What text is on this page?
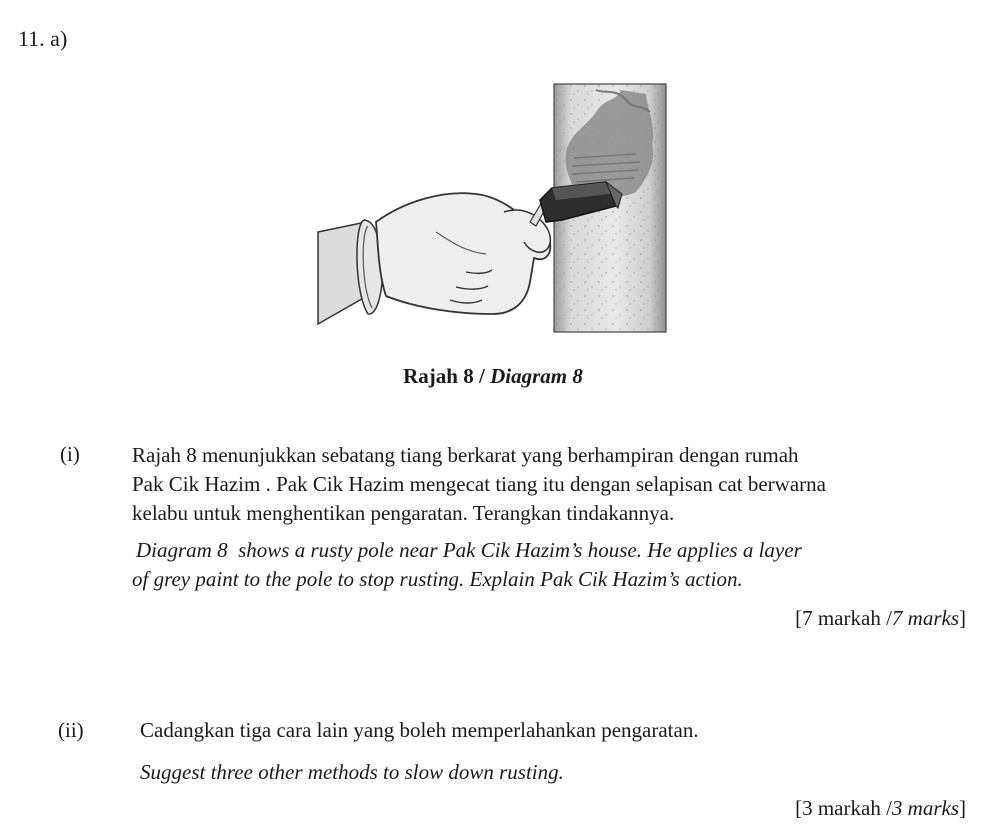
11. a)
Rajah 8 / Diagram 8
(i) Rajah 8 menunjukkan sebatang tiang berkarat yang berhampiran dengan rumah
Pak Cik Hazim . Pak Cik Hazim mengecat tiang itu dengan selapisan cat berwarna
kelabu untuk menghentikan pengaratan. Terangkan tindakannya.
Diagram 8  shows a rusty pole near Pak Cik Hazim’s house. He applies a layer
of grey paint to the pole to stop rusting. Explain Pak Cik Hazim’s action.
[7 markah /7 marks]
(ii)	Cadangkan tiga cara lain yang boleh memperlahankan pengaratan.
Suggest three other methods to slow down rusting.
[3 markah /3 marks]
